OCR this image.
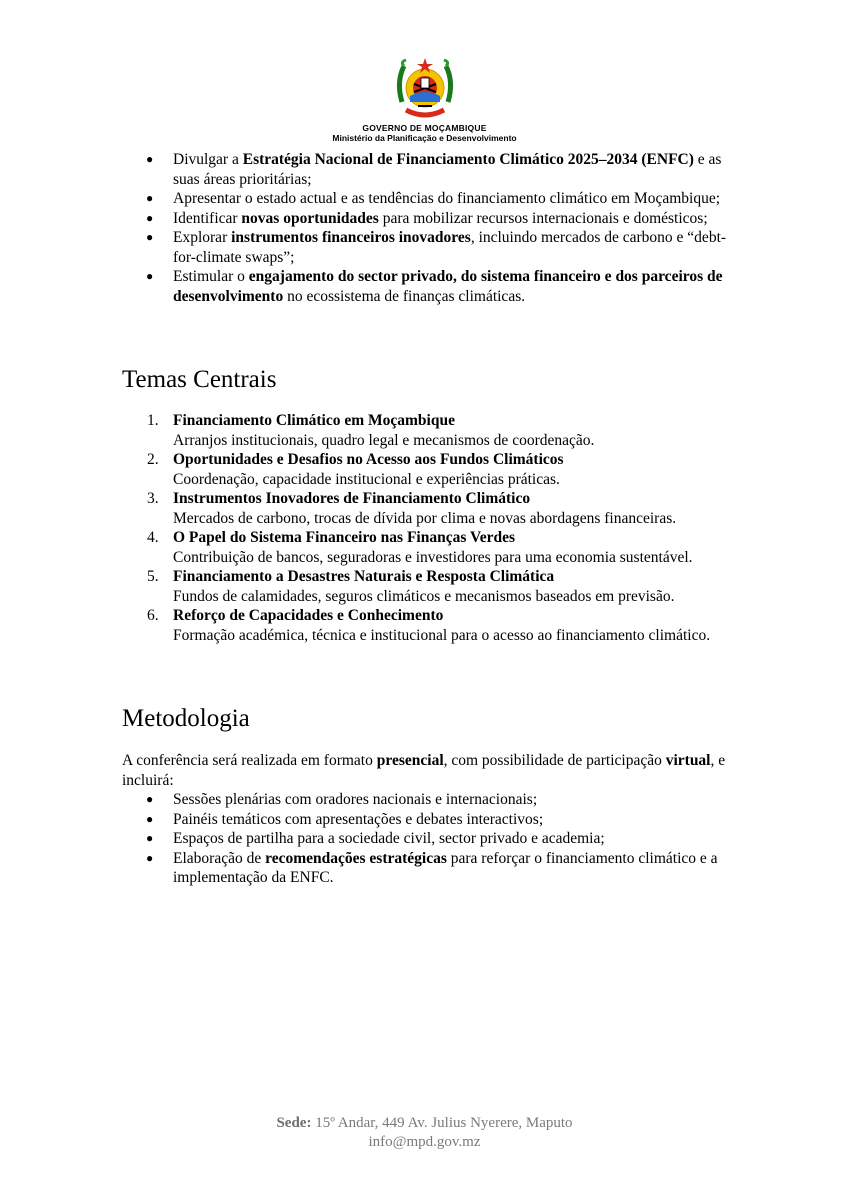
GOVERNO DE MOÇAMBIQUE
Ministério da Planificação e Desenvolvimento
● Divulgar a Estratégia Nacional de Financiamento Climático 2025–2034 (ENFC) e as suas áreas prioritárias;
● Apresentar o estado actual e as tendências do financiamento climático em Moçambique;
● Identificar novas oportunidades para mobilizar recursos internacionais e domésticos;
● Explorar instrumentos financeiros inovadores, incluindo mercados de carbono e “debt-for-climate swaps”;
● Estimular o engajamento do sector privado, do sistema financeiro e dos parceiros de desenvolvimento no ecossistema de finanças climáticas.
Temas Centrais
1. Financiamento Climático em Moçambique
Arranjos institucionais, quadro legal e mecanismos de coordenação.
2. Oportunidades e Desafios no Acesso aos Fundos Climáticos
Coordenação, capacidade institucional e experiências práticas.
3. Instrumentos Inovadores de Financiamento Climático
Mercados de carbono, trocas de dívida por clima e novas abordagens financeiras.
4. O Papel do Sistema Financeiro nas Finanças Verdes
Contribuição de bancos, seguradoras e investidores para uma economia sustentável.
5. Financiamento a Desastres Naturais e Resposta Climática
Fundos de calamidades, seguros climáticos e mecanismos baseados em previsão.
6. Reforço de Capacidades e Conhecimento
Formação académica, técnica e institucional para o acesso ao financiamento climático.
Metodologia
A conferência será realizada em formato presencial, com possibilidade de participação virtual, e incluirá:
● Sessões plenárias com oradores nacionais e internacionais;
● Painéis temáticos com apresentações e debates interactivos;
● Espaços de partilha para a sociedade civil, sector privado e academia;
● Elaboração de recomendações estratégicas para reforçar o financiamento climático e a implementação da ENFC.
Sede: 15º Andar, 449 Av. Julius Nyerere, Maputo
info@mpd.gov.mz
